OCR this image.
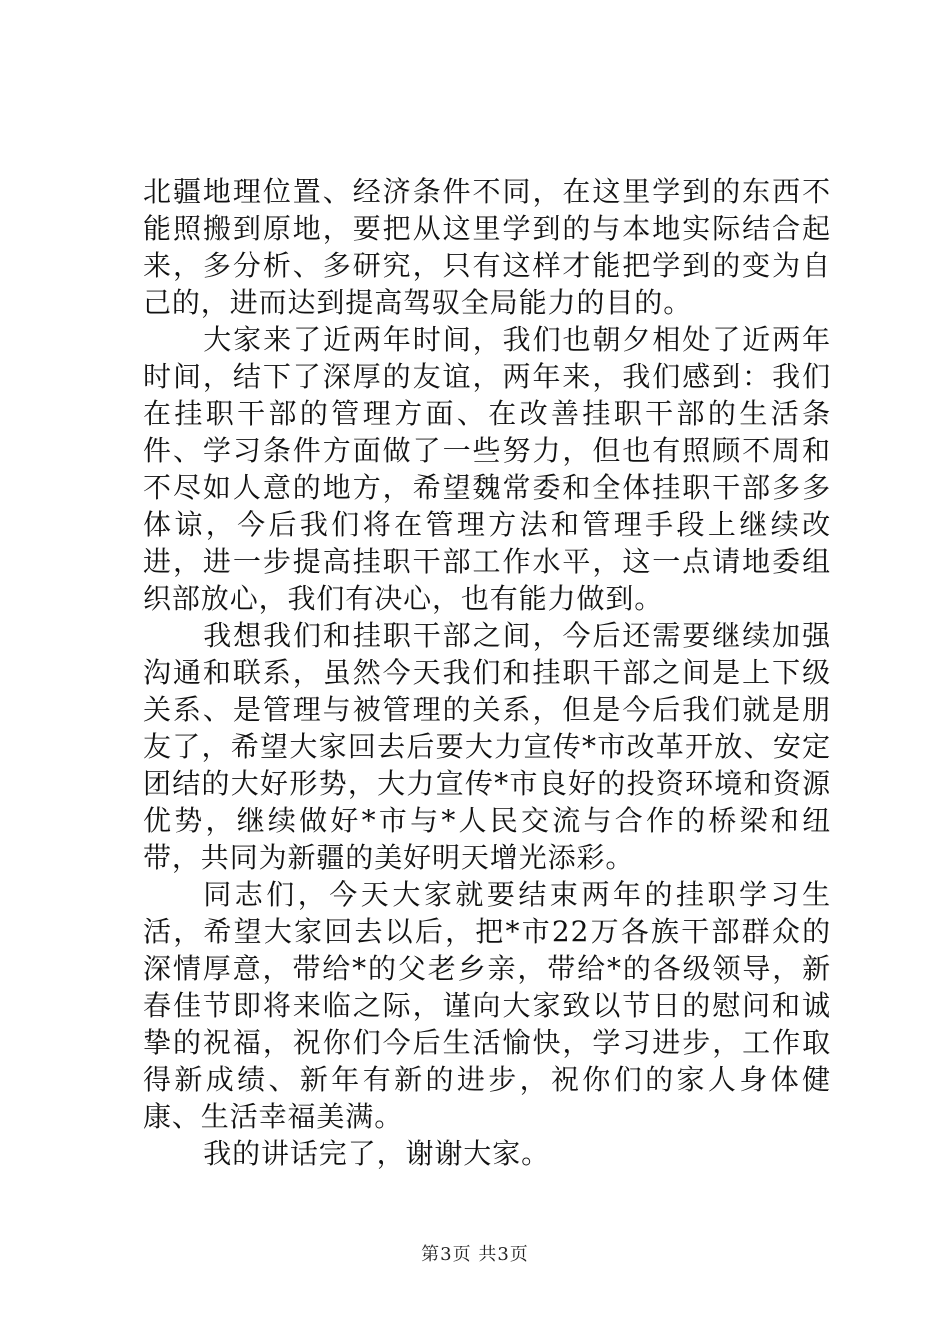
北疆地理位置、经济条件不同，在这里学到的东西不能照搬到原地，要把从这里学到的与本地实际结合起来，多分析、多研究，只有这样才能把学到的变为自己的，进而达到提高驾驭全局能力的目的。

大家来了近两年时间，我们也朝夕相处了近两年时间，结下了深厚的友谊，两年来，我们感到：我们在挂职干部的管理方面、在改善挂职干部的生活条件、学习条件方面做了一些努力，但也有照顾不周和不尽如人意的地方，希望魏常委和全体挂职干部多多体谅，今后我们将在管理方法和管理手段上继续改进，进一步提高挂职干部工作水平，这一点请地委组织部放心，我们有决心，也有能力做到。

我想我们和挂职干部之间，今后还需要继续加强沟通和联系，虽然今天我们和挂职干部之间是上下级关系、是管理与被管理的关系，但是今后我们就是朋友了，希望大家回去后要大力宣传*市改革开放、安定团结的大好形势，大力宣传*市良好的投资环境和资源优势，继续做好*市与*人民交流与合作的桥梁和纽带，共同为新疆的美好明天增光添彩。

同志们，今天大家就要结束两年的挂职学习生活，希望大家回去以后，把*市22万各族干部群众的深情厚意，带给*的父老乡亲，带给*的各级领导，新春佳节即将来临之际，谨向大家致以节日的慰问和诚挚的祝福，祝你们今后生活愉快，学习进步，工作取得新成绩、新年有新的进步，祝你们的家人身体健康、生活幸福美满。

我的讲话完了，谢谢大家。

第3页 共3页
